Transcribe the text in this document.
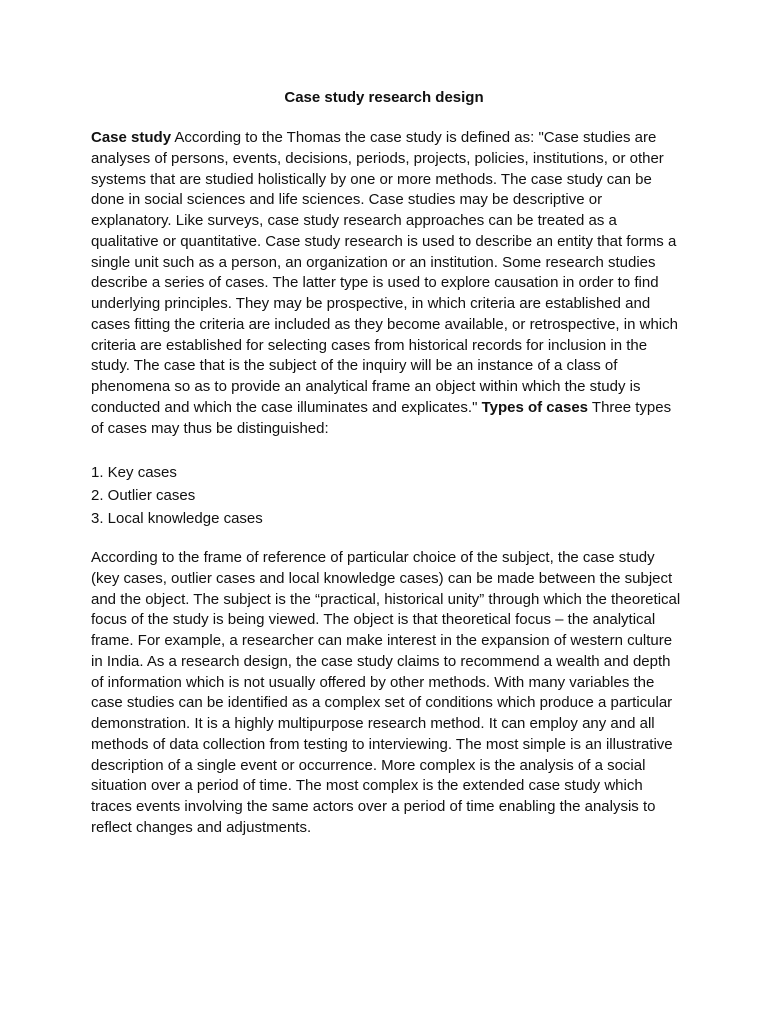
Case study research design

Case study According to the Thomas the case study is defined as: "Case studies are analyses of persons, events, decisions, periods, projects, policies, institutions, or other systems that are studied holistically by one or more methods. The case study can be done in social sciences and life sciences. Case studies may be descriptive or explanatory. Like surveys, case study research approaches can be treated as a qualitative or quantitative. Case study research is used to describe an entity that forms a single unit such as a person, an organization or an institution. Some research studies describe a series of cases. The latter type is used to explore causation in order to find underlying principles. They may be prospective, in which criteria are established and cases fitting the criteria are included as they become available, or retrospective, in which criteria are established for selecting cases from historical records for inclusion in the study. The case that is the subject of the inquiry will be an instance of a class of phenomena so as to provide an analytical frame an object within which the study is conducted and which the case illuminates and explicates." Types of cases Three types of cases may thus be distinguished:

1. Key cases
2. Outlier cases
3. Local knowledge cases

According to the frame of reference of particular choice of the subject, the case study (key cases, outlier cases and local knowledge cases) can be made between the subject and the object. The subject is the “practical, historical unity” through which the theoretical focus of the study is being viewed. The object is that theoretical focus – the analytical frame. For example, a researcher can make interest in the expansion of western culture in India. As a research design, the case study claims to recommend a wealth and depth of information which is not usually offered by other methods. With many variables the case studies can be identified as a complex set of conditions which produce a particular demonstration. It is a highly multipurpose research method. It can employ any and all methods of data collection from testing to interviewing. The most simple is an illustrative description of a single event or occurrence. More complex is the analysis of a social situation over a period of time. The most complex is the extended case study which traces events involving the same actors over a period of time enabling the analysis to reflect changes and adjustments.
